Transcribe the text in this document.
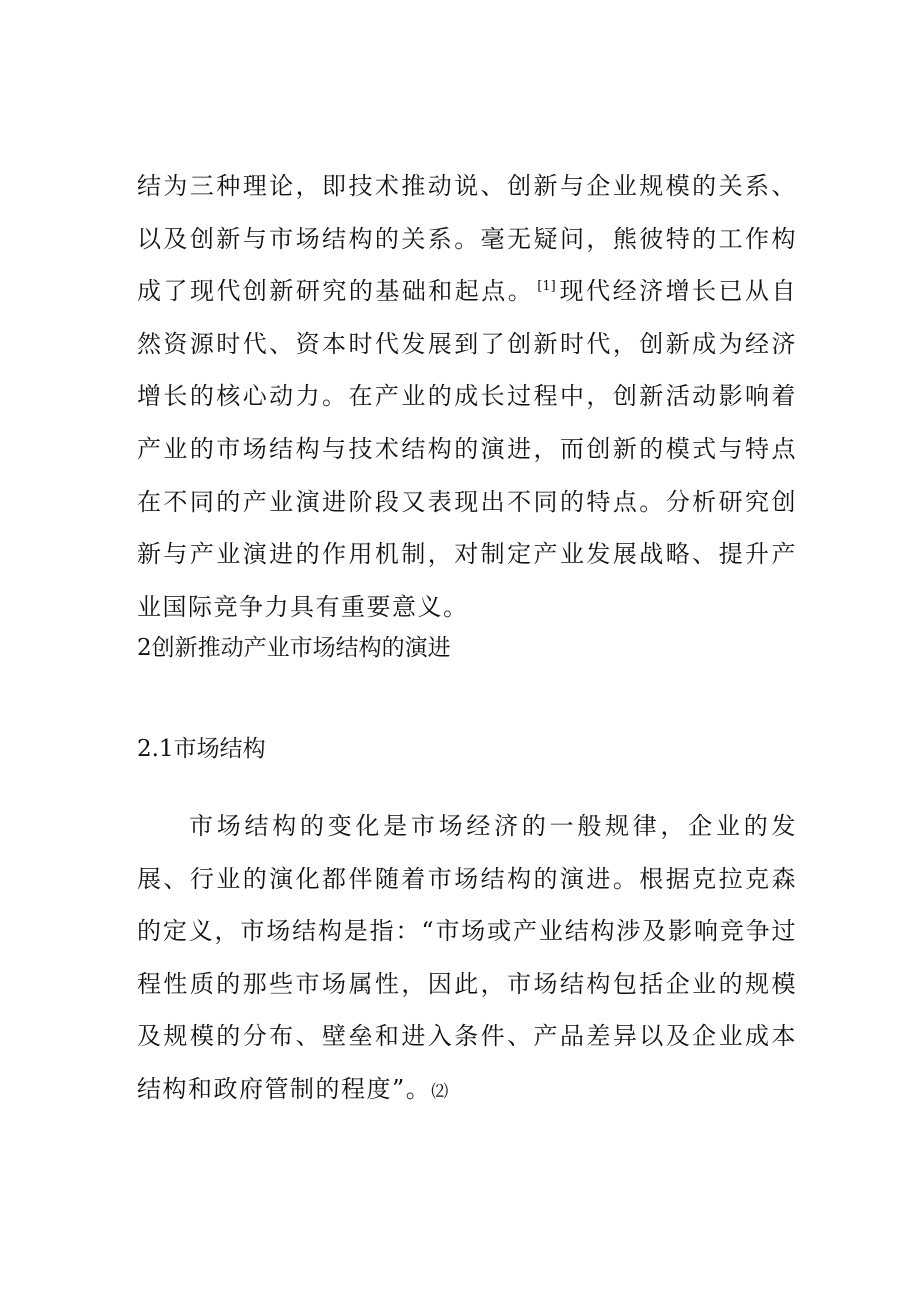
结为三种理论，即技术推动说、创新与企业规模的关系、以及创新与市场结构的关系。毫无疑问，熊彼特的工作构成了现代创新研究的基础和起点。 [1] 现代经济增长已从自然资源时代、资本时代发展到了创新时代，创新成为经济增长的核心动力。在产业的成长过程中，创新活动影响着产业的市场结构与技术结构的演进，而创新的模式与特点在不同的产业演进阶段又表现出不同的特点。分析研究创新与产业演进的作用机制，对制定产业发展战略、提升产业国际竞争力具有重要意义。

2创新推动产业市场结构的演进
2.1市场结构

市场结构的变化是市场经济的一般规律，企业的发展、行业的演化都伴随着市场结构的演进。根据克拉克森的定义，市场结构是指：“市场或产业结构涉及影响竞争过程性质的那些市场属性，因此，市场结构包括企业的规模及规模的分布、壁垒和进入条件、产品差异以及企业成本结构和政府管制的程度”。⑵
